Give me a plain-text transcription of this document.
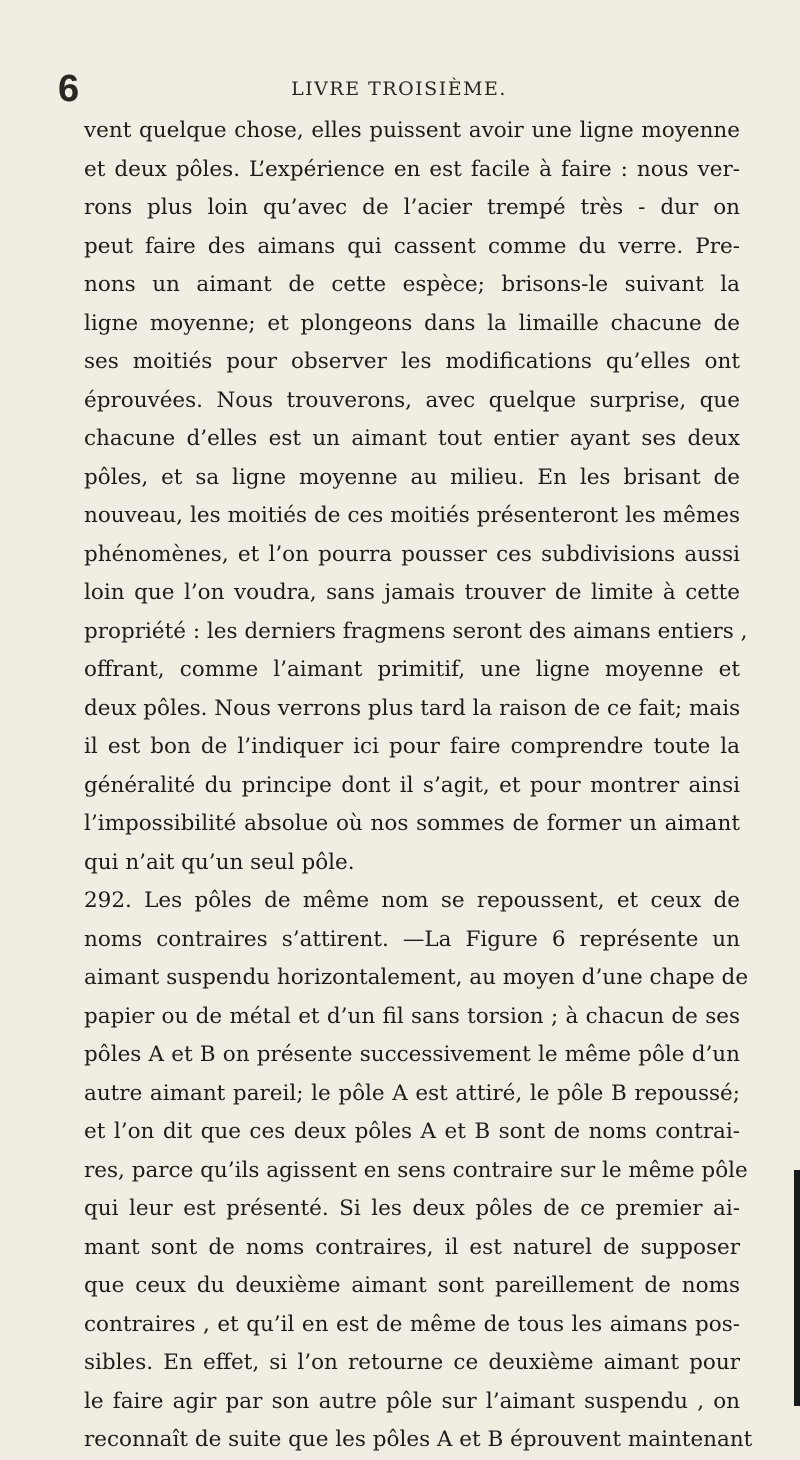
6	LIVRE TROISIÈME.
vent quelque chose, elles puissent avoir une ligne moyenne
et deux pôles. L’expérience en est facile à faire : nous ver-
rons plus loin qu’avec de l’acier trempé très - dur on
peut faire des aimans qui cassent comme du verre. Pre-
nons un aimant de cette espèce; brisons-le suivant la
ligne moyenne; et plongeons dans la limaille chacune de
ses moitiés pour observer les modifications qu’elles ont
éprouvées. Nous trouverons, avec quelque surprise, que
chacune d’elles est un aimant tout entier ayant ses deux
pôles, et sa ligne moyenne au milieu. En les brisant de
nouveau, les moitiés de ces moitiés présenteront les mêmes
phénomènes, et l’on pourra pousser ces subdivisions aussi
loin que l’on voudra, sans jamais trouver de limite à cette
propriété : les derniers fragmens seront des aimans entiers ,
offrant, comme l’aimant primitif, une ligne moyenne et
deux pôles. Nous verrons plus tard la raison de ce fait; mais
il est bon de l’indiquer ici pour faire comprendre toute la
généralité du principe dont il s’agit, et pour montrer ainsi
l’impossibilité absolue où nos sommes de former un aimant
qui n’ait qu’un seul pôle.
292. Les pôles de même nom se repoussent, et ceux de
noms contraires s’attirent. —La Figure 6 représente un
aimant suspendu horizontalement, au moyen d’une chape de
papier ou de métal et d’un fil sans torsion ; à chacun de ses
pôles A et B on présente successivement le même pôle d’un
autre aimant pareil; le pôle A est attiré, le pôle B repoussé;
et l’on dit que ces deux pôles A et B sont de noms contrai-
res, parce qu’ils agissent en sens contraire sur le même pôle
qui leur est présenté. Si les deux pôles de ce premier ai-
mant sont de noms contraires, il est naturel de supposer
que ceux du deuxième aimant sont pareillement de noms
contraires , et qu’il en est de même de tous les aimans pos-
sibles. En effet, si l’on retourne ce deuxième aimant pour
le faire agir par son autre pôle sur l’aimant suspendu , on
reconnaît de suite que les pôles A et B éprouvent maintenant
